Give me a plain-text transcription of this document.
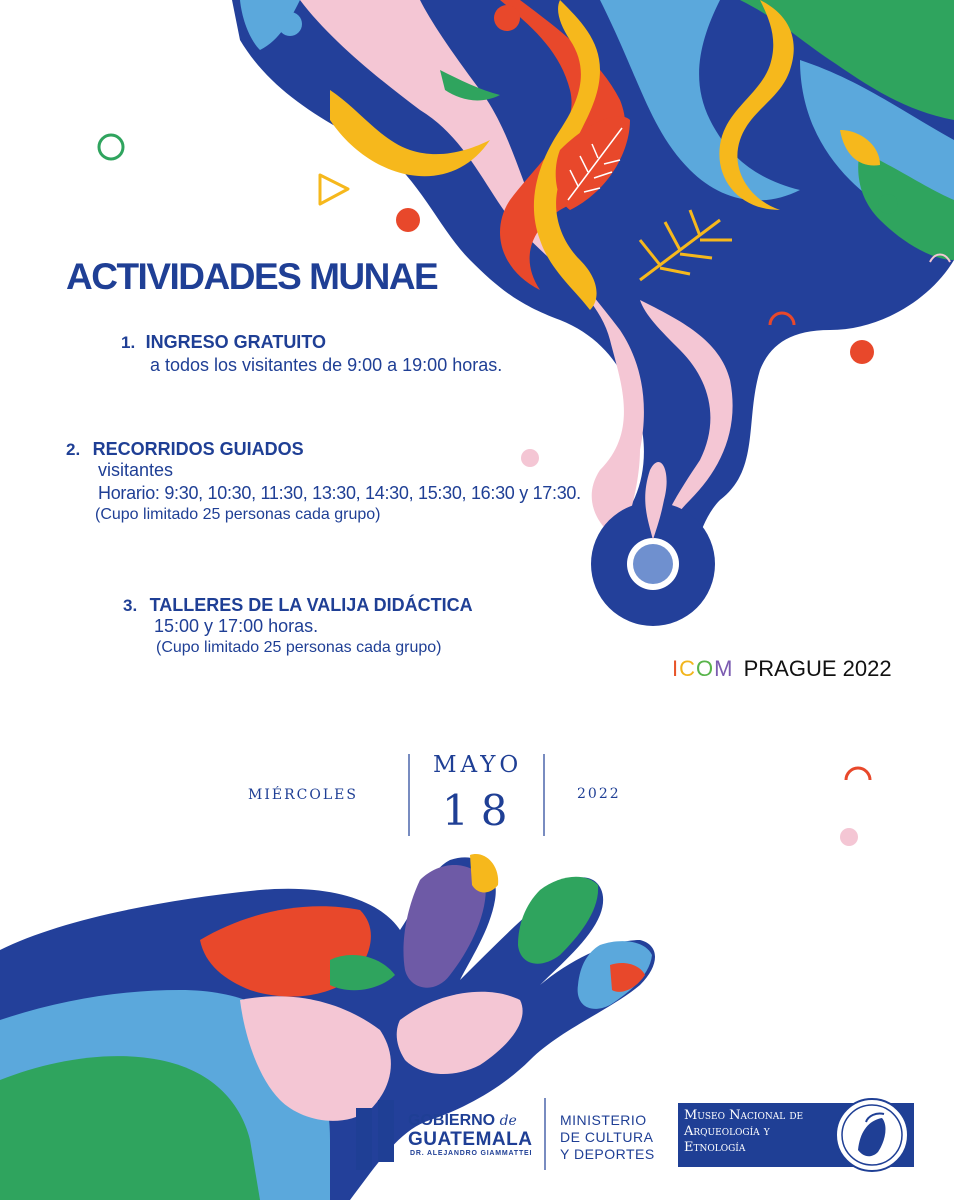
ACTIVIDADES MUNAE
1. INGRESO GRATUITO
a todos los visitantes de 9:00 a 19:00 horas.
2. RECORRIDOS GUIADOS
visitantes
Horario: 9:30, 10:30, 11:30, 13:30, 14:30, 15:30, 16:30 y 17:30.
(Cupo limitado 25 personas cada grupo)
3. TALLERES DE LA VALIJA DIDÁCTICA
15:00 y 17:00 horas.
(Cupo limitado 25 personas cada grupo)
ICOM PRAGUE 2022
MIÉRCOLES
MAYO
18	2022
GOBIERNO de
GUATEMALA
DR. ALEJANDRO GIAMMATTEI
MINISTERIO
DE CULTURA
Y DEPORTES
Museo Nacional de
Arqueología y
Etnología
